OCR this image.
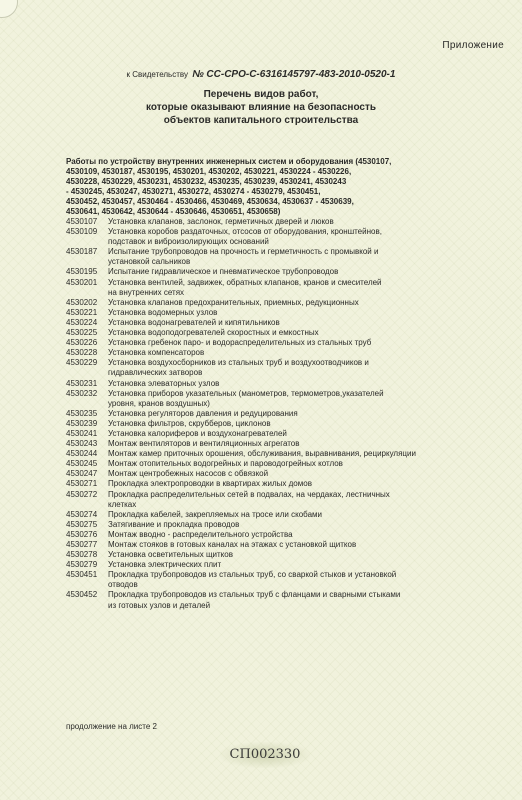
Приложение
к Свидетельству № СС-СРО-С-6316145797-483-2010-0520-1
Перечень видов работ,
которые оказывают влияние на безопасность
объектов капитального строительства
Работы по устройству внутренних инженерных систем и оборудования (4530107,
4530109, 4530187, 4530195, 4530201, 4530202, 4530221, 4530224 - 4530226,
4530228, 4530229, 4530231, 4530232, 4530235, 4530239, 4530241, 4530243
- 4530245, 4530247, 4530271, 4530272, 4530274 - 4530279, 4530451,
4530452, 4530457, 4530464 - 4530466, 4530469, 4530634, 4530637 - 4530639,
4530641, 4530642, 4530644 - 4530646, 4530651, 4530658)
4530107	Установка клапанов, заслонок, герметичных дверей и люков
4530109	Установка коробов раздаточных, отсосов от оборудования, кронштейнов,
подставок и виброизолирующих оснований
4530187	Испытание трубопроводов на прочность и герметичность с промывкой и
установкой сальников
4530195	Испытание гидравлическое и пневматическое трубопроводов
4530201	Установка вентилей, задвижек, обратных клапанов, кранов и смесителей
на внутренних сетях
4530202	Установка клапанов предохранительных, приемных, редукционных
4530221	Установка водомерных узлов
4530224	Установка водонагревателей и кипятильников
4530225	Установка водоподогревателей скоростных и емкостных
4530226	Установка гребенок паро- и водораспределительных из стальных труб
4530228	Установка компенсаторов
4530229	Установка воздухосборников из стальных труб и воздухоотводчиков и
гидравлических затворов
4530231	Установка элеваторных узлов
4530232	Установка приборов указательных (манометров, термометров,указателей
уровня, кранов воздушных)
4530235	Установка регуляторов давления и редуцирования
4530239	Установка фильтров, скрубберов, циклонов
4530241	Установка калориферов и воздухонагревателей
4530243	Монтаж вентиляторов и вентиляционных агрегатов
4530244	Монтаж камер приточных орошения, обслуживания, выравнивания, рециркуляции
4530245	Монтаж отопительных водогрейных и пароводогрейных котлов
4530247	Монтаж центробежных насосов с обвязкой
4530271	Прокладка электропроводки в квартирах жилых домов
4530272	Прокладка распределительных сетей в подвалах, на чердаках, лестничных
клетках
4530274	Прокладка кабелей, закрепляемых на тросе или скобами
4530275	Затягивание и прокладка проводов
4530276	Монтаж вводно - распределительного устройства
4530277	Монтаж стояков в готовых каналах на этажах с установкой щитков
4530278	Установка осветительных щитков
4530279	Установка электрических плит
4530451	Прокладка трубопроводов из стальных труб, со сваркой стыков и установкой
отводов
4530452	Прокладка трубопроводов из стальных труб с фланцами и сварными стыками
из готовых узлов и деталей
продолжение на листе 2
СП002330
